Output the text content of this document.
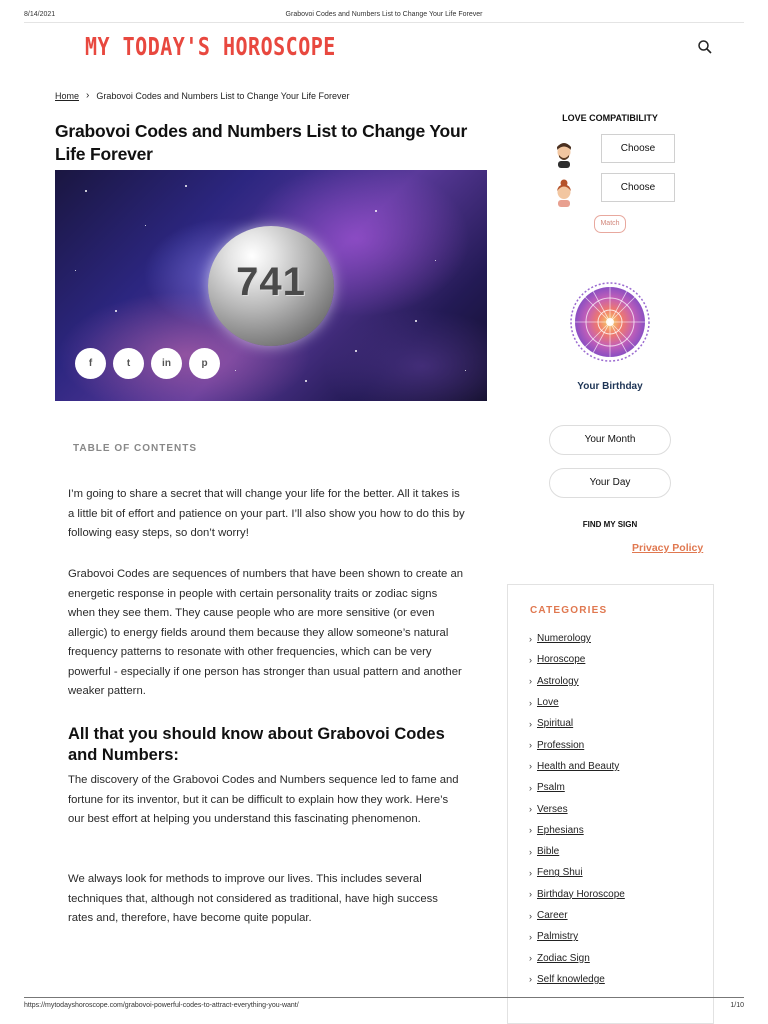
8/14/2021	Grabovoi Codes and Numbers List to Change Your Life Forever
MY TODAY'S HOROSCOPE
Home › Grabovoi Codes and Numbers List to Change Your Life Forever
Grabovoi Codes and Numbers List to Change Your Life Forever
741
f	t	in	p
TABLE OF CONTENTS

I’m going to share a secret that will change your life for the better. All it takes is a little bit of effort and patience on your part. I’ll also show you how to do this by following easy steps, so don’t worry!

Grabovoi Codes are sequences of numbers that have been shown to create an energetic response in people with certain personality traits or zodiac signs when they see them. They cause people who are more sensitive (or even allergic) to energy fields around them because they allow someone’s natural frequency patterns to resonate with other frequencies, which can be very powerful - especially if one person has stronger than usual pattern and another weaker pattern.

All that you should know about Grabovoi Codes and Numbers:

The discovery of the Grabovoi Codes and Numbers sequence led to fame and fortune for its inventor, but it can be difficult to explain how they work. Here’s our best effort at helping you understand this fascinating phenomenon.

We always look for methods to improve our lives. This includes several techniques that, although not considered as traditional, have high success rates and, therefore, have become quite popular.

LOVE COMPATIBILITY
Choose
Choose
Match
Your Birthday
Your Month
Your Day
FIND MY SIGN
Privacy Policy
CATEGORIES
› Numerology
› Horoscope
› Astrology
› Love
› Spiritual
› Profession
› Health and Beauty
› Psalm
› Verses
› Ephesians
› Bible
› Feng Shui
› Birthday Horoscope
› Career
› Palmistry
› Zodiac Sign
› Self knowledge
https://mytodayshoroscope.com/grabovoi-powerful-codes-to-attract-everything-you-want/	1/10
